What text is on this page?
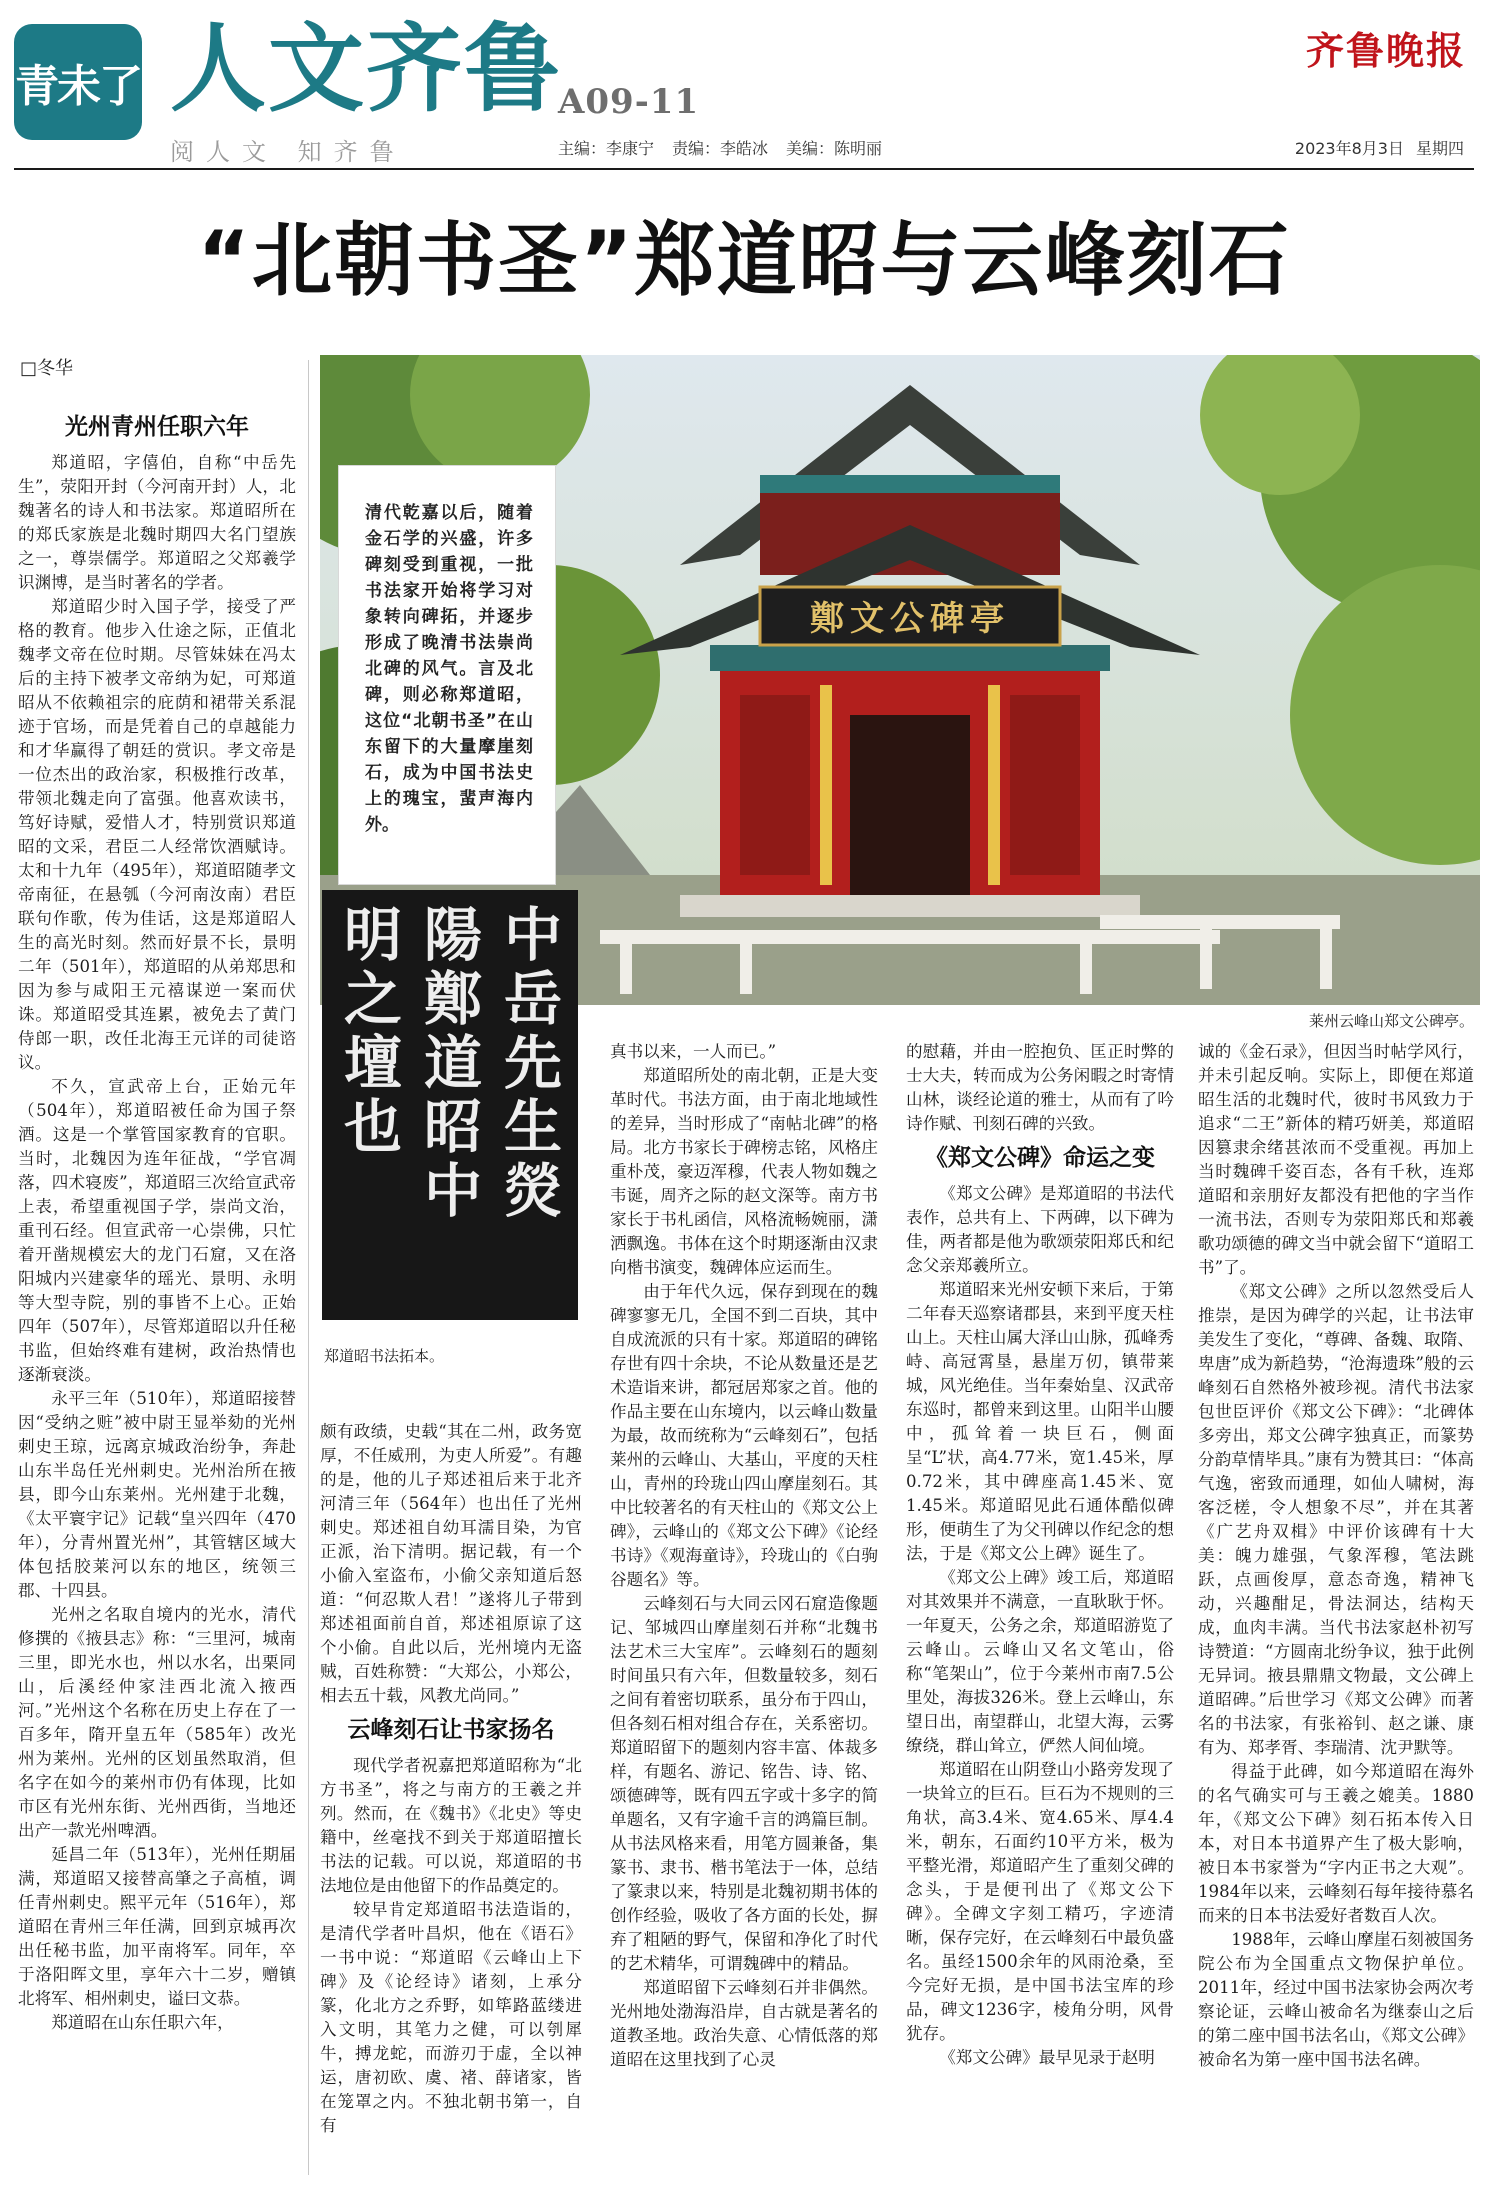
青未了 人文齐鲁
A09-11
齐鲁晚报
阅人文 知齐鲁	主编：李康宁 责编：李皓冰 美编：陈明丽	2023年8月3日 星期四
“北朝书圣”郑道昭与云峰刻石
□冬华
鄭文公碑亭
莱州云峰山郑文公碑亭。
清代乾嘉以后，随着金石学的兴盛，许多碑刻受到重视，一批书法家开始将学习对象转向碑拓，并逐步形成了晚清书法崇尚北碑的风气。言及北碑，则必称郑道昭，这位“北朝书圣”在山东留下的大量摩崖刻石，成为中国书法史上的瑰宝，蜚声海内外。
中岳先生熒
陽鄭道昭中
明之壇也
郑道昭书法拓本。
光州青州任职六年

郑道昭，字僖伯，自称“中岳先生”，荥阳开封（今河南开封）人，北魏著名的诗人和书法家。郑道昭所在的郑氏家族是北魏时期四大名门望族之一，尊崇儒学。郑道昭之父郑羲学识渊博，是当时著名的学者。

郑道昭少时入国子学，接受了严格的教育。他步入仕途之际，正值北魏孝文帝在位时期。尽管妹妹在冯太后的主持下被孝文帝纳为妃，可郑道昭从不依赖祖宗的庇荫和裙带关系混迹于官场，而是凭着自己的卓越能力和才华赢得了朝廷的赏识。孝文帝是一位杰出的政治家，积极推行改革，带领北魏走向了富强。他喜欢读书，笃好诗赋，爱惜人才，特别赏识郑道昭的文采，君臣二人经常饮酒赋诗。太和十九年（495年），郑道昭随孝文帝南征，在悬瓠（今河南汝南）君臣联句作歌，传为佳话，这是郑道昭人生的高光时刻。然而好景不长，景明二年（501年），郑道昭的从弟郑思和因为参与咸阳王元禧谋逆一案而伏诛。郑道昭受其连累，被免去了黄门侍郎一职，改任北海王元详的司徒谘议。

不久，宣武帝上台，正始元年（504年），郑道昭被任命为国子祭酒。这是一个掌管国家教育的官职。当时，北魏因为连年征战，“学官凋落，四术寝废”，郑道昭三次给宣武帝上表，希望重视国子学，崇尚文治，重刊石经。但宣武帝一心崇佛，只忙着开凿规模宏大的龙门石窟，又在洛阳城内兴建豪华的瑶光、景明、永明等大型寺院，别的事皆不上心。正始四年（507年），尽管郑道昭以升任秘书监，但始终难有建树，政治热情也逐渐衰淡。

永平三年（510年），郑道昭接替因“受纳之赃”被中尉王显举劾的光州刺史王琼，远离京城政治纷争，奔赴山东半岛任光州刺史。光州治所在掖县，即今山东莱州。光州建于北魏，《太平寰宇记》记载“皇兴四年（470年），分青州置光州”，其管辖区域大体包括胶莱河以东的地区，统领三郡、十四县。

光州之名取自境内的光水，清代修撰的《掖县志》称：“三里河，城南三里，即光水也，州以水名，出栗同山，后溪经仲家洼西北流入掖西河。”光州这个名称在历史上存在了一百多年，隋开皇五年（585年）改光州为莱州。光州的区划虽然取消，但名字在如今的莱州市仍有体现，比如市区有光州东街、光州西街，当地还出产一款光州啤酒。

延昌二年（513年），光州任期届满，郑道昭又接替高肇之子高植，调任青州刺史。熙平元年（516年），郑道昭在青州三年任满，回到京城再次出任秘书监，加平南将军。同年，卒于洛阳晖文里，享年六十二岁，赠镇北将军、相州刺史，谥曰文恭。

郑道昭在山东任职六年，

颇有政绩，史载“其在二州，政务宽厚，不任威刑，为吏人所爱”。有趣的是，他的儿子郑述祖后来于北齐河清三年（564年）也出任了光州刺史。郑述祖自幼耳濡目染，为官正派，治下清明。据记载，有一个小偷入室盗布，小偷父亲知道后怒道：“何忍欺人君！”遂将儿子带到郑述祖面前自首，郑述祖原谅了这个小偷。自此以后，光州境内无盗贼，百姓称赞：“大郑公，小郑公，相去五十载，风教尤尚同。”

云峰刻石让书家扬名

现代学者祝嘉把郑道昭称为“北方书圣”，将之与南方的王羲之并列。然而，在《魏书》《北史》等史籍中，丝毫找不到关于郑道昭擅长书法的记载。可以说，郑道昭的书法地位是由他留下的作品奠定的。

较早肯定郑道昭书法造诣的，是清代学者叶昌炽，他在《语石》一书中说：“郑道昭《云峰山上下碑》及《论经诗》诸刻，上承分篆，化北方之乔野，如筚路蓝缕进入文明，其笔力之健，可以刳犀牛，搏龙蛇，而游刃于虚，全以神运，唐初欧、虞、褚、薛诸家，皆在笼罩之内。不独北朝书第一，自有

真书以来，一人而已。”

郑道昭所处的南北朝，正是大变革时代。书法方面，由于南北地域性的差异，当时形成了“南帖北碑”的格局。北方书家长于碑榜志铭，风格庄重朴茂，豪迈浑穆，代表人物如魏之韦诞，周齐之际的赵文深等。南方书家长于书札函信，风格流畅婉丽，潇洒飘逸。书体在这个时期逐渐由汉隶向楷书演变，魏碑体应运而生。

由于年代久远，保存到现在的魏碑寥寥无几，全国不到二百块，其中自成流派的只有十家。郑道昭的碑铭存世有四十余块，不论从数量还是艺术造诣来讲，都冠居郑家之首。他的作品主要在山东境内，以云峰山数量为最，故而统称为“云峰刻石”，包括莱州的云峰山、大基山，平度的天柱山，青州的玲珑山四山摩崖刻石。其中比较著名的有天柱山的《郑文公上碑》，云峰山的《郑文公下碑》《论经书诗》《观海童诗》，玲珑山的《白驹谷题名》等。

云峰刻石与大同云冈石窟造像题记、邹城四山摩崖刻石并称“北魏书法艺术三大宝库”。云峰刻石的题刻时间虽只有六年，但数量较多，刻石之间有着密切联系，虽分布于四山，但各刻石相对组合存在，关系密切。郑道昭留下的题刻内容丰富、体裁多样，有题名、游记、铭告、诗、铭、颂德碑等，既有四五字或十多字的简单题名，又有字逾千言的鸿篇巨制。从书法风格来看，用笔方圆兼备，集篆书、隶书、楷书笔法于一体，总结了篆隶以来，特别是北魏初期书体的创作经验，吸收了各方面的长处，摒弃了粗陋的野气，保留和净化了时代的艺术精华，可谓魏碑中的精品。

郑道昭留下云峰刻石并非偶然。光州地处渤海沿岸，自古就是著名的道教圣地。政治失意、心情低落的郑道昭在这里找到了心灵

的慰藉，并由一腔抱负、匡正时弊的士大夫，转而成为公务闲暇之时寄情山林，谈经论道的雅士，从而有了吟诗作赋、刊刻石碑的兴致。

《郑文公碑》命运之变

《郑文公碑》是郑道昭的书法代表作，总共有上、下两碑，以下碑为佳，两者都是他为歌颂荥阳郑氏和纪念父亲郑羲所立。

郑道昭来光州安顿下来后，于第二年春天巡察诸郡县，来到平度天柱山上。天柱山属大泽山山脉，孤峰秀峙、高冠霄垦，悬崖万仞，镇带莱城，风光绝佳。当年秦始皇、汉武帝东巡时，都曾来到这里。山阳半山腰中，孤耸着一块巨石，侧面呈“L”状，高4.77米，宽1.45米，厚0.72米，其中碑座高1.45米、宽1.45米。郑道昭见此石通体酷似碑形，便萌生了为父刊碑以作纪念的想法，于是《郑文公上碑》诞生了。

《郑文公上碑》竣工后，郑道昭对其效果并不满意，一直耿耿于怀。一年夏天，公务之余，郑道昭游览了云峰山。云峰山又名文笔山，俗称“笔架山”，位于今莱州市南7.5公里处，海拔326米。登上云峰山，东望日出，南望群山，北望大海，云雾缭绕，群山耸立，俨然人间仙境。

郑道昭在山阴登山小路旁发现了一块耸立的巨石。巨石为不规则的三角状，高3.4米、宽4.65米、厚4.4米，朝东，石面约10平方米，极为平整光滑，郑道昭产生了重刻父碑的念头，于是便刊出了《郑文公下碑》。全碑文字刻工精巧，字迹清晰，保存完好，在云峰刻石中最负盛名。虽经1500余年的风雨沧桑，至今完好无损，是中国书法宝库的珍品，碑文1236字，棱角分明，风骨犹存。

《郑文公碑》最早见录于赵明

诚的《金石录》，但因当时帖学风行，并未引起反响。实际上，即便在郑道昭生活的北魏时代，彼时书风致力于追求“二王”新体的精巧妍美，郑道昭因篡隶余绪甚浓而不受重视。再加上当时魏碑千姿百态，各有千秋，连郑道昭和亲朋好友都没有把他的字当作一流书法，否则专为荥阳郑氏和郑羲歌功颂德的碑文当中就会留下“道昭工书”了。

《郑文公碑》之所以忽然受后人推崇，是因为碑学的兴起，让书法审美发生了变化，“尊碑、备魏、取隋、卑唐”成为新趋势，“沧海遗珠”般的云峰刻石自然格外被珍视。清代书法家包世臣评价《郑文公下碑》：“北碑体多旁出，郑文公碑字独真正，而篆势分韵草情毕具。”康有为赞其曰：“体高气逸，密致而通理，如仙人啸树，海客泛槎，令人想象不尽”，并在其著《广艺舟双楫》中评价该碑有十大美：魄力雄强，气象浑穆，笔法跳跃，点画俊厚，意态奇逸，精神飞动，兴趣酣足，骨法洞达，结构天成，血肉丰满。当代书法家赵朴初写诗赞道：“方圆南北纷争议，独于此例无异词。掖县鼎鼎文物最，文公碑上道昭碑。”后世学习《郑文公碑》而著名的书法家，有张裕钊、赵之谦、康有为、郑孝胥、李瑞清、沈尹默等。

得益于此碑，如今郑道昭在海外的名气确实可与王羲之媲美。1880年，《郑文公下碑》刻石拓本传入日本，对日本书道界产生了极大影响，被日本书家誉为“字内正书之大观”。1984年以来，云峰刻石每年接待慕名而来的日本书法爱好者数百人次。

1988年，云峰山摩崖石刻被国务院公布为全国重点文物保护单位。2011年，经过中国书法家协会两次考察论证，云峰山被命名为继泰山之后的第二座中国书法名山，《郑文公碑》被命名为第一座中国书法名碑。
